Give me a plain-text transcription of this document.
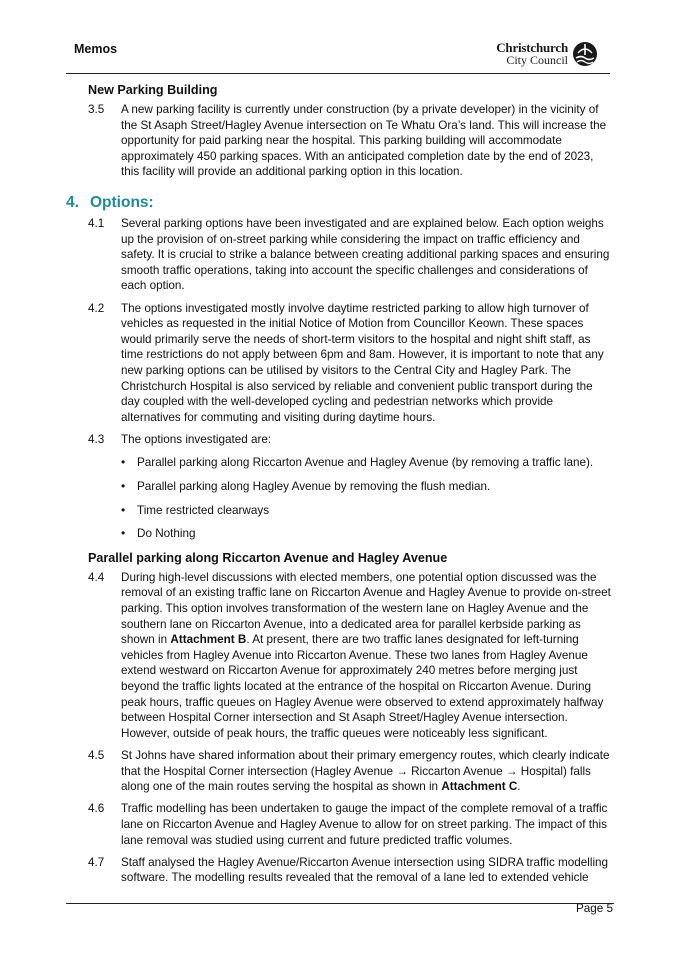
Memos	Christchurch
City Council
New Parking Building
3.5	A new parking facility is currently under construction (by a private developer) in the vicinity of the St Asaph Street/Hagley Avenue intersection on Te Whatu Ora’s land. This will increase the opportunity for paid parking near the hospital. This parking building will accommodate approximately 450 parking spaces. With an anticipated completion date by the end of 2023, this facility will provide an additional parking option in this location.
4. Options:
4.1	Several parking options have been investigated and are explained below. Each option weighs up the provision of on-street parking while considering the impact on traffic efficiency and safety. It is crucial to strike a balance between creating additional parking spaces and ensuring smooth traffic operations, taking into account the specific challenges and considerations of each option.
4.2	The options investigated mostly involve daytime restricted parking to allow high turnover of vehicles as requested in the initial Notice of Motion from Councillor Keown. These spaces would primarily serve the needs of short-term visitors to the hospital and night shift staff, as time restrictions do not apply between 6pm and 8am. However, it is important to note that any new parking options can be utilised by visitors to the Central City and Hagley Park. The Christchurch Hospital is also serviced by reliable and convenient public transport during the day coupled with the well-developed cycling and pedestrian networks which provide alternatives for commuting and visiting during daytime hours.
4.3	The options investigated are:
•	Parallel parking along Riccarton Avenue and Hagley Avenue (by removing a traffic lane).
•	Parallel parking along Hagley Avenue by removing the flush median.
•	Time restricted clearways
•	Do Nothing
Parallel parking along Riccarton Avenue and Hagley Avenue
4.4	During high-level discussions with elected members, one potential option discussed was the removal of an existing traffic lane on Riccarton Avenue and Hagley Avenue to provide on-street parking. This option involves transformation of the western lane on Hagley Avenue and the southern lane on Riccarton Avenue, into a dedicated area for parallel kerbside parking as shown in Attachment B. At present, there are two traffic lanes designated for left-turning vehicles from Hagley Avenue into Riccarton Avenue. These two lanes from Hagley Avenue extend westward on Riccarton Avenue for approximately 240 metres before merging just beyond the traffic lights located at the entrance of the hospital on Riccarton Avenue. During peak hours, traffic queues on Hagley Avenue were observed to extend approximately halfway between Hospital Corner intersection and St Asaph Street/Hagley Avenue intersection. However, outside of peak hours, the traffic queues were noticeably less significant.
4.5	St Johns have shared information about their primary emergency routes, which clearly indicate that the Hospital Corner intersection (Hagley Avenue → Riccarton Avenue → Hospital) falls along one of the main routes serving the hospital as shown in Attachment C.
4.6	Traffic modelling has been undertaken to gauge the impact of the complete removal of a traffic lane on Riccarton Avenue and Hagley Avenue to allow for on street parking. The impact of this lane removal was studied using current and future predicted traffic volumes.
4.7	Staff analysed the Hagley Avenue/Riccarton Avenue intersection using SIDRA traffic modelling software. The modelling results revealed that the removal of a lane led to extended vehicle
Page 5
